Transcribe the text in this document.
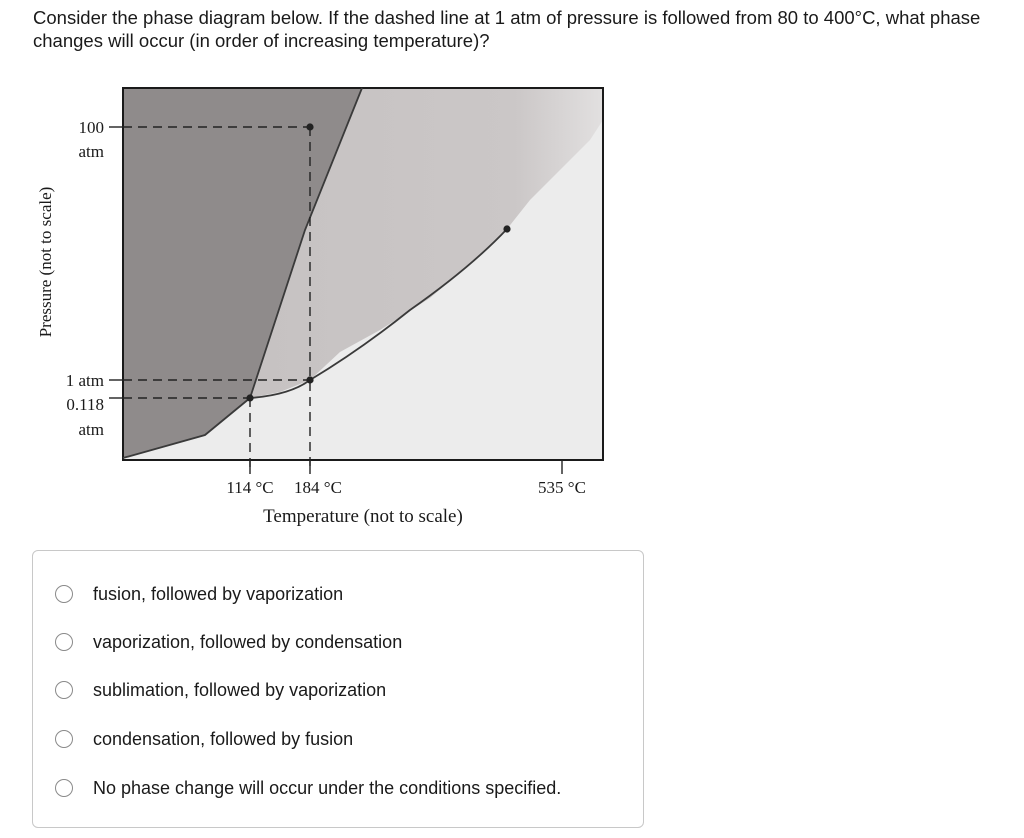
Consider the phase diagram below. If the dashed line at 1 atm of pressure is followed from 80 to 400°C, what phase changes will occur (in order of increasing temperature)?

100
atm
1 atm
0.118
atm
114 °C 184 °C	535 °C
Temperature (not to scale)
Pressure (not to scale)
fusion, followed by vaporization
vaporization, followed by condensation
sublimation, followed by vaporization
condensation, followed by fusion
No phase change will occur under the conditions specified.
